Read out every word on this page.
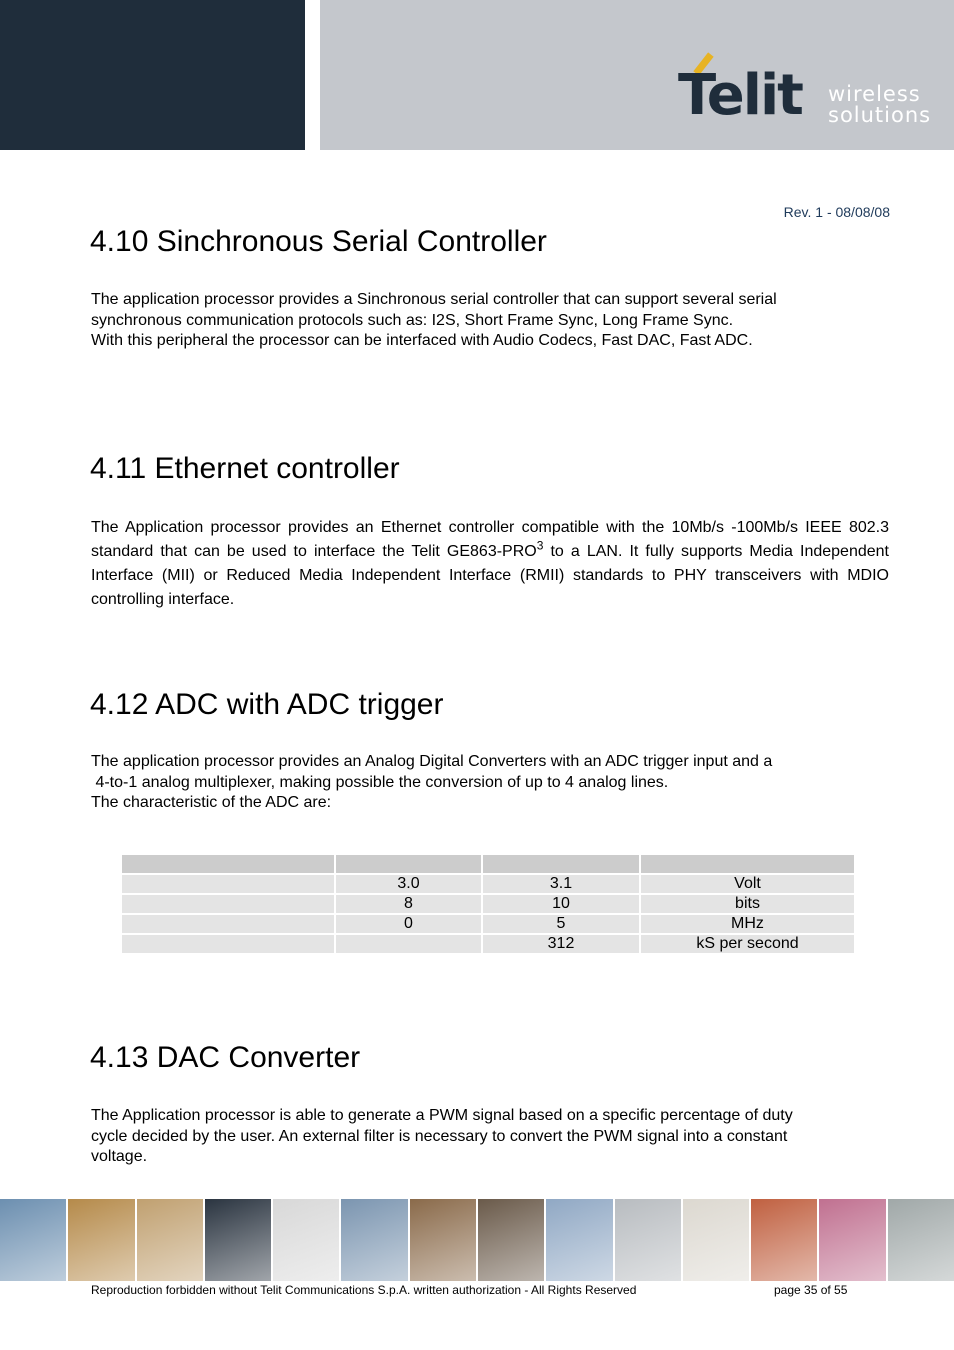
Telit wireless
solutions
Rev. 1 - 08/08/08
4.10 Sinchronous Serial Controller
The application processor provides a Sinchronous serial controller that can support several serial
synchronous communication protocols such as: I2S, Short Frame Sync, Long Frame Sync.
With this peripheral the processor can be interfaced with Audio Codecs, Fast DAC, Fast ADC.
4.11 Ethernet controller

The Application processor provides an Ethernet controller compatible with the 10Mb/s -100Mb/s IEEE 802.3 standard that can be used to interface the Telit GE863-PRO$^3$ to a LAN. It fully supports Media Independent Interface (MII) or Reduced Media Independent Interface (RMII) standards to PHY transceivers with MDIO controlling interface.

4.12 ADC with ADC trigger
The application processor provides an Analog Digital Converters with an ADC trigger input and a
4-to-1 analog multiplexer, making possible the conversion of up to 4 analog lines.
The characteristic of the ADC are:

	3.0	3.1	Volt
	8	10	bits
	0	5	MHz
		312	kS per second
4.13 DAC Converter
The Application processor is able to generate a PWM signal based on a specific percentage of duty
cycle decided by the user. An external filter is necessary to convert the PWM signal into a constant
voltage.
Reproduction forbidden without Telit Communications S.p.A. written authorization - All Rights Reserved	page 35 of 55
